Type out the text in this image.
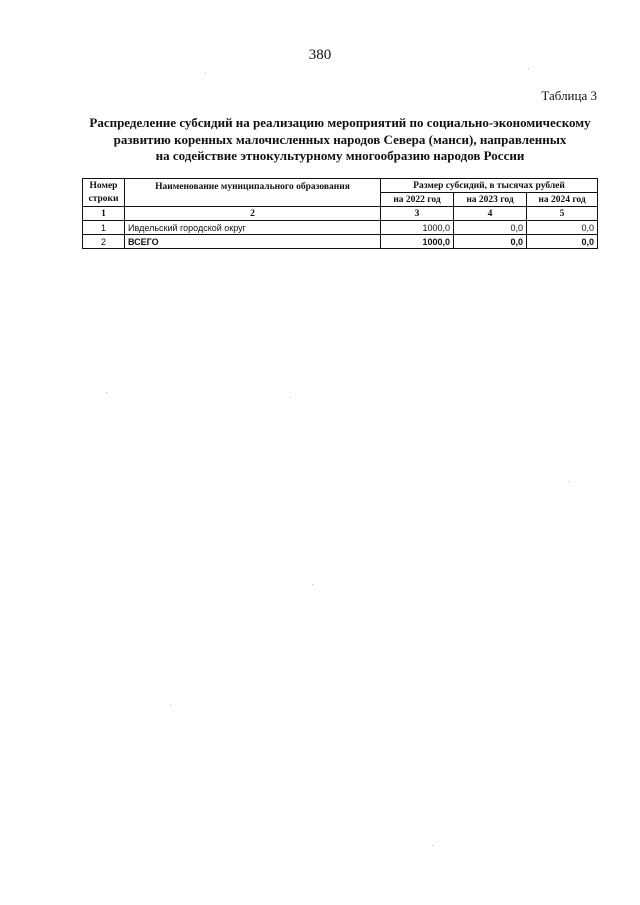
380
Таблица 3
Распределение субсидий на реализацию мероприятий по социально-экономическому
развитию коренных малочисленных народов Севера (манси), направленных
на содействие этнокультурному многообразию народов России
Номер строки	Наименование муниципального образования	Размер субсидий, в тысячах рублей		
		на 2022 год	на 2023 год	на 2024 год
1	2	3	4	5
1	Ивдельский городской округ	1000,0	0,0	0,0
2	ВСЕГО	1000,0	0,0	0,0
